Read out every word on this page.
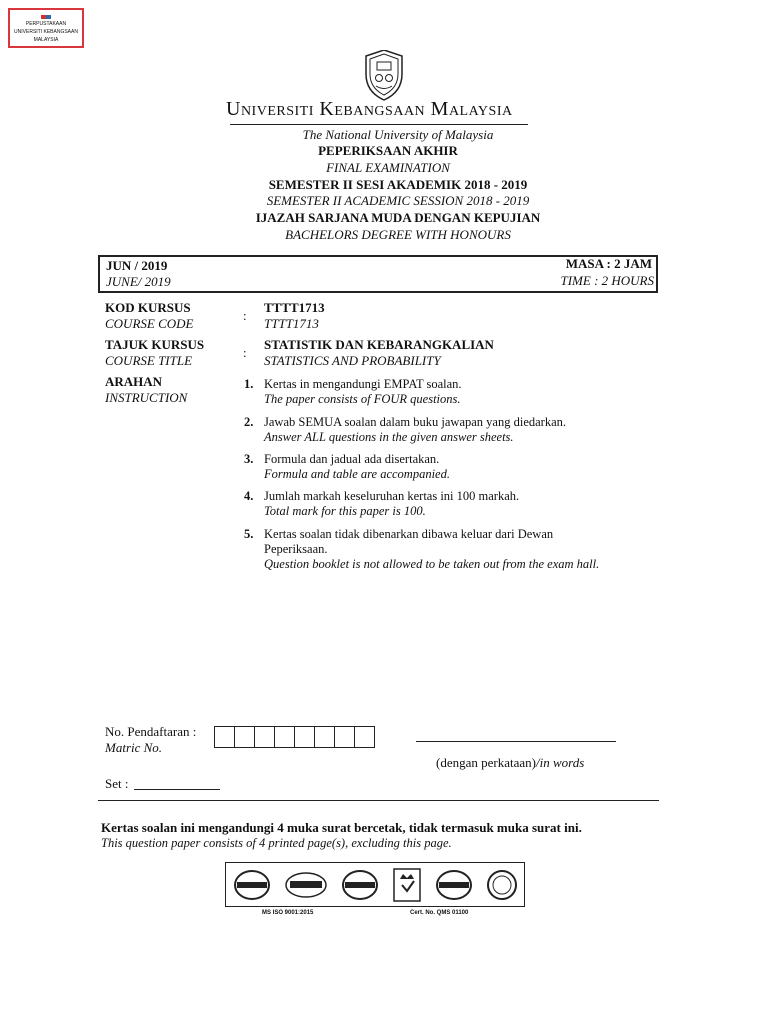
PERPUSTAKAAN
UNIVERSITI KEBANGSAAN MALAYSIA
Universiti Kebangsaan Malaysia
The National University of Malaysia
PEPERIKSAAN AKHIR
FINAL EXAMINATION
SEMESTER II SESI AKADEMIK 2018 - 2019
SEMESTER II ACADEMIC SESSION 2018 - 2019
IJAZAH SARJANA MUDA DENGAN KEPUJIAN
BACHELORS DEGREE WITH HONOURS
JUN / 2019
JUNE/ 2019
MASA : 2 JAM
TIME : 2 HOURS
KOD KURSUS
COURSE CODE
:
TTTT1713
TTTT1713
TAJUK KURSUS
COURSE TITLE
:
STATISTIK DAN KEBARANGKALIAN
STATISTICS AND PROBABILITY
ARAHAN
INSTRUCTION
1. Kertas in mengandungi EMPAT soalan.
The paper consists of FOUR questions.
2. Jawab SEMUA soalan dalam buku jawapan yang diedarkan.
Answer ALL questions in the given answer sheets.
3. Formula dan jadual ada disertakan.
Formula and table are accompanied.
4. Jumlah markah keseluruhan kertas ini 100 markah.
Total mark for this paper is 100.
5. Kertas soalan tidak dibenarkan dibawa keluar dari Dewan Peperiksaan.
Question booklet is not allowed to be taken out from the exam hall.
No. Pendaftaran :
Matric No.
(dengan perkataan)/in words
Set :
Kertas soalan ini mengandungi 4 muka surat bercetak, tidak termasuk muka surat ini.
This question paper consists of 4 printed page(s), excluding this page.
MS ISO 9001:2015	Cert. No. QMS 01100
